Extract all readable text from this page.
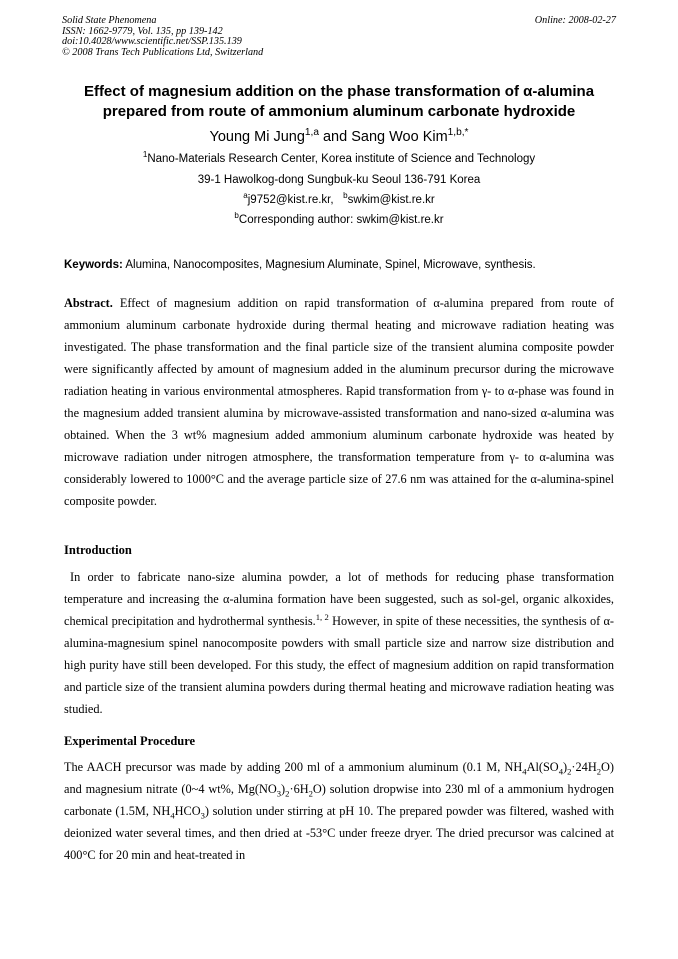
Solid State Phenomena
ISSN: 1662-9779, Vol. 135, pp 139-142
doi:10.4028/www.scientific.net/SSP.135.139
© 2008 Trans Tech Publications Ltd, Switzerland
Online: 2008-02-27
Effect of magnesium addition on the phase transformation of α-alumina
prepared from route of ammonium aluminum carbonate hydroxide
Young Mi Jung$^{1,a}$ and Sang Woo Kim$^{1,b,*}$
$^1$Nano-Materials Research Center, Korea institute of Science and Technology
39-1 Hawolkog-dong Sungbuk-ku Seoul 136-791 Korea
$^a$j9752@kist.re.kr, $^b$swkim@kist.re.kr
$^b$Corresponding author: swkim@kist.re.kr
Keywords: Alumina, Nanocomposites, Magnesium Aluminate, Spinel, Microwave, synthesis.
Abstract. Effect of magnesium addition on rapid transformation of α-alumina prepared from route of ammonium aluminum carbonate hydroxide during thermal heating and microwave radiation heating was investigated. The phase transformation and the final particle size of the transient alumina composite powder were significantly affected by amount of magnesium added in the aluminum precursor during the microwave radiation heating in various environmental atmospheres. Rapid transformation from γ- to α-phase was found in the magnesium added transient alumina by microwave-assisted transformation and nano-sized α-alumina was obtained. When the 3 wt% magnesium added ammonium aluminum carbonate hydroxide was heated by microwave radiation under nitrogen atmosphere, the transformation temperature from γ- to α-alumina was considerably lowered to 1000°C and the average particle size of 27.6 nm was attained for the α-alumina-spinel composite powder.
Introduction
In order to fabricate nano-size alumina powder, a lot of methods for reducing phase transformation temperature and increasing the α-alumina formation have been suggested, such as sol-gel, organic alkoxides, chemical precipitation and hydrothermal synthesis.$^{1, 2}$ However, in spite of these necessities, the synthesis of α-alumina-magnesium spinel nanocomposite powders with small particle size and narrow size distribution and high purity have still been developed. For this study, the effect of magnesium addition on rapid transformation and particle size of the transient alumina powders during thermal heating and microwave radiation heating was studied.
Experimental Procedure
The AACH precursor was made by adding 200 ml of a ammonium aluminum (0.1 M, $NH_4Al(SO_4)_2\cdot 24H_2O$) and magnesium nitrate (0~4 wt%, $Mg(NO_3)_2\cdot 6H_2O$) solution dropwise into 230 ml of a ammonium hydrogen carbonate (1.5M, $NH_4HCO_3$) solution under stirring at pH 10. The prepared powder was filtered, washed with deionized water several times, and then dried at -53°C under freeze dryer. The dried precursor was calcined at 400°C for 20 min and heat-treated in
